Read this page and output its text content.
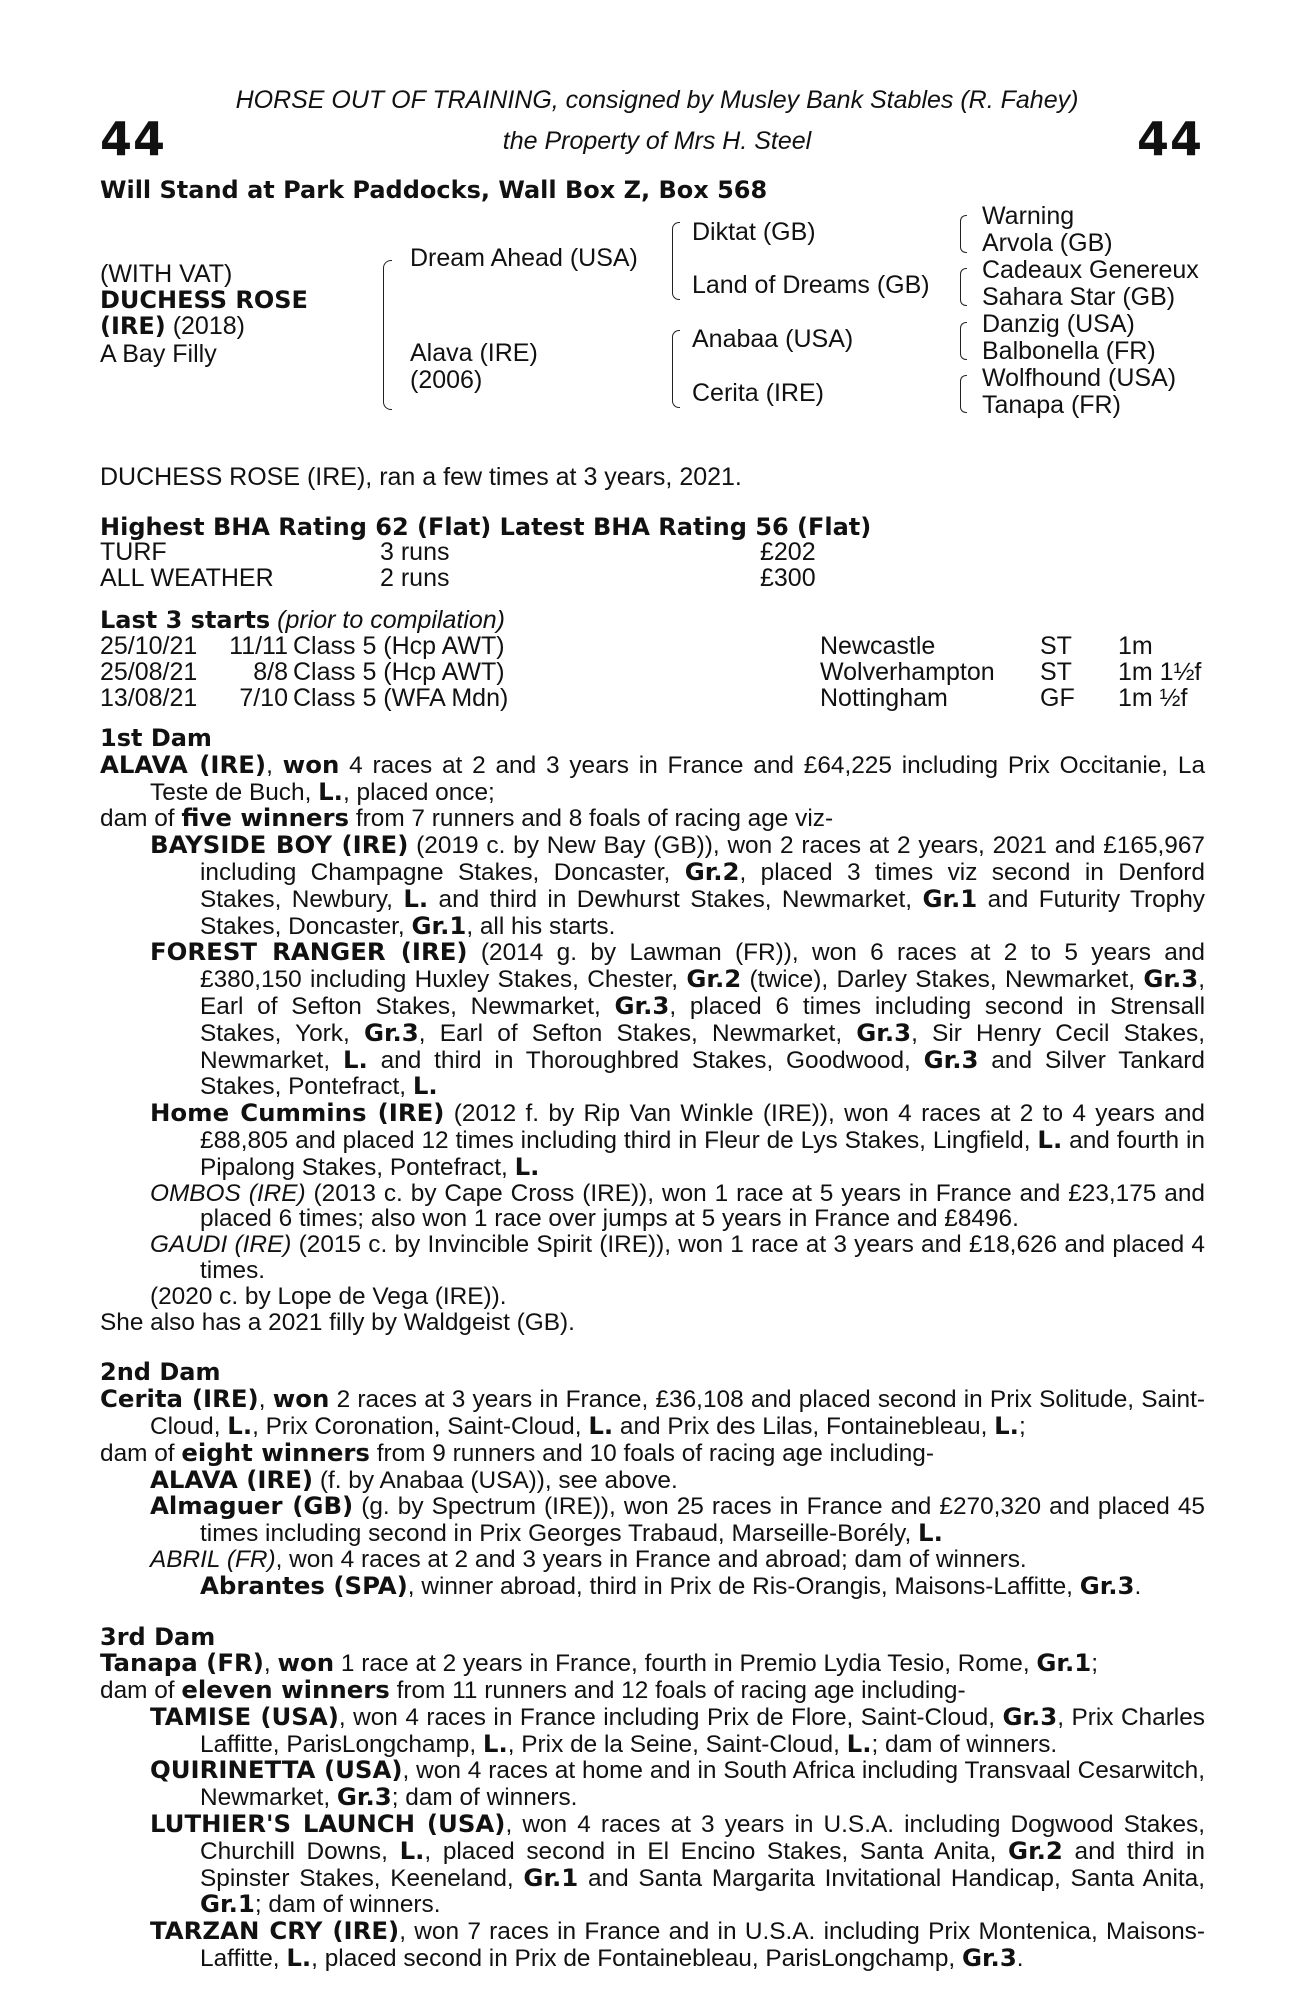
44	44
HORSE OUT OF TRAINING, consigned by Musley Bank Stables (R. Fahey)
the Property of Mrs H. Steel
Will Stand at Park Paddocks, Wall Box Z, Box 568
(WITH VAT)
DUCHESS ROSE
(IRE) (2018)
A Bay Filly
Dream Ahead (USA)
Alava (IRE)
(2006)
Diktat (GB)
Land of Dreams (GB)
Anabaa (USA)
Cerita (IRE)
Warning
Arvola (GB)
Cadeaux Genereux
Sahara Star (GB)
Danzig (USA)
Balbonella (FR)
Wolfhound (USA)
Tanapa (FR)
DUCHESS ROSE (IRE), ran a few times at 3 years, 2021.
Highest BHA Rating 62 (Flat) Latest BHA Rating 56 (Flat)
TURF	3 runs	£202
ALL WEATHER	2 runs	£300
Last 3 starts (prior to compilation)
25/10/21	11/11 Class 5 (Hcp AWT)	Newcastle	ST 1m
25/08/21	8/8 Class 5 (Hcp AWT)	Wolverhampton ST 1m 1½f
13/08/21	7/10 Class 5 (WFA Mdn)	Nottingham	GF 1m ½f

1st Dam

ALAVA (IRE), won 4 races at 2 and 3 years in France and £64,225 including Prix Occitanie, La Teste de Buch, L., placed once;

dam of five winners from 7 runners and 8 foals of racing age viz-

BAYSIDE BOY (IRE) (2019 c. by New Bay (GB)), won 2 races at 2 years, 2021 and £165,967 including Champagne Stakes, Doncaster, Gr.2, placed 3 times viz second in Denford Stakes, Newbury, L. and third in Dewhurst Stakes, Newmarket, Gr.1 and Futurity Trophy Stakes, Doncaster, Gr.1, all his starts.

FOREST RANGER (IRE) (2014 g. by Lawman (FR)), won 6 races at 2 to 5 years and £380,150 including Huxley Stakes, Chester, Gr.2 (twice), Darley Stakes, Newmarket, Gr.3, Earl of Sefton Stakes, Newmarket, Gr.3, placed 6 times including second in Strensall Stakes, York, Gr.3, Earl of Sefton Stakes, Newmarket, Gr.3, Sir Henry Cecil Stakes, Newmarket, L. and third in Thoroughbred Stakes, Goodwood, Gr.3 and Silver Tankard Stakes, Pontefract, L.

Home Cummins (IRE) (2012 f. by Rip Van Winkle (IRE)), won 4 races at 2 to 4 years and £88,805 and placed 12 times including third in Fleur de Lys Stakes, Lingfield, L. and fourth in Pipalong Stakes, Pontefract, L.

OMBOS (IRE) (2013 c. by Cape Cross (IRE)), won 1 race at 5 years in France and £23,175 and placed 6 times; also won 1 race over jumps at 5 years in France and £8496.

GAUDI (IRE) (2015 c. by Invincible Spirit (IRE)), won 1 race at 3 years and £18,626 and placed 4 times.

(2020 c. by Lope de Vega (IRE)).

She also has a 2021 filly by Waldgeist (GB).

2nd Dam

Cerita (IRE), won 2 races at 3 years in France, £36,108 and placed second in Prix Solitude, Saint-Cloud, L., Prix Coronation, Saint-Cloud, L. and Prix des Lilas, Fontainebleau, L.;

dam of eight winners from 9 runners and 10 foals of racing age including-

ALAVA (IRE) (f. by Anabaa (USA)), see above.

Almaguer (GB) (g. by Spectrum (IRE)), won 25 races in France and £270,320 and placed 45 times including second in Prix Georges Trabaud, Marseille-Borély, L.

ABRIL (FR), won 4 races at 2 and 3 years in France and abroad; dam of winners.

Abrantes (SPA), winner abroad, third in Prix de Ris-Orangis, Maisons-Laffitte, Gr.3.

3rd Dam

Tanapa (FR), won 1 race at 2 years in France, fourth in Premio Lydia Tesio, Rome, Gr.1;

dam of eleven winners from 11 runners and 12 foals of racing age including-

TAMISE (USA), won 4 races in France including Prix de Flore, Saint-Cloud, Gr.3, Prix Charles Laffitte, ParisLongchamp, L., Prix de la Seine, Saint-Cloud, L.; dam of winners.

QUIRINETTA (USA), won 4 races at home and in South Africa including Transvaal Cesarwitch, Newmarket, Gr.3; dam of winners.

LUTHIER'S LAUNCH (USA), won 4 races at 3 years in U.S.A. including Dogwood Stakes, Churchill Downs, L., placed second in El Encino Stakes, Santa Anita, Gr.2 and third in Spinster Stakes, Keeneland, Gr.1 and Santa Margarita Invitational Handicap, Santa Anita, Gr.1; dam of winners.

TARZAN CRY (IRE), won 7 races in France and in U.S.A. including Prix Montenica, Maisons-Laffitte, L., placed second in Prix de Fontainebleau, ParisLongchamp, Gr.3.
